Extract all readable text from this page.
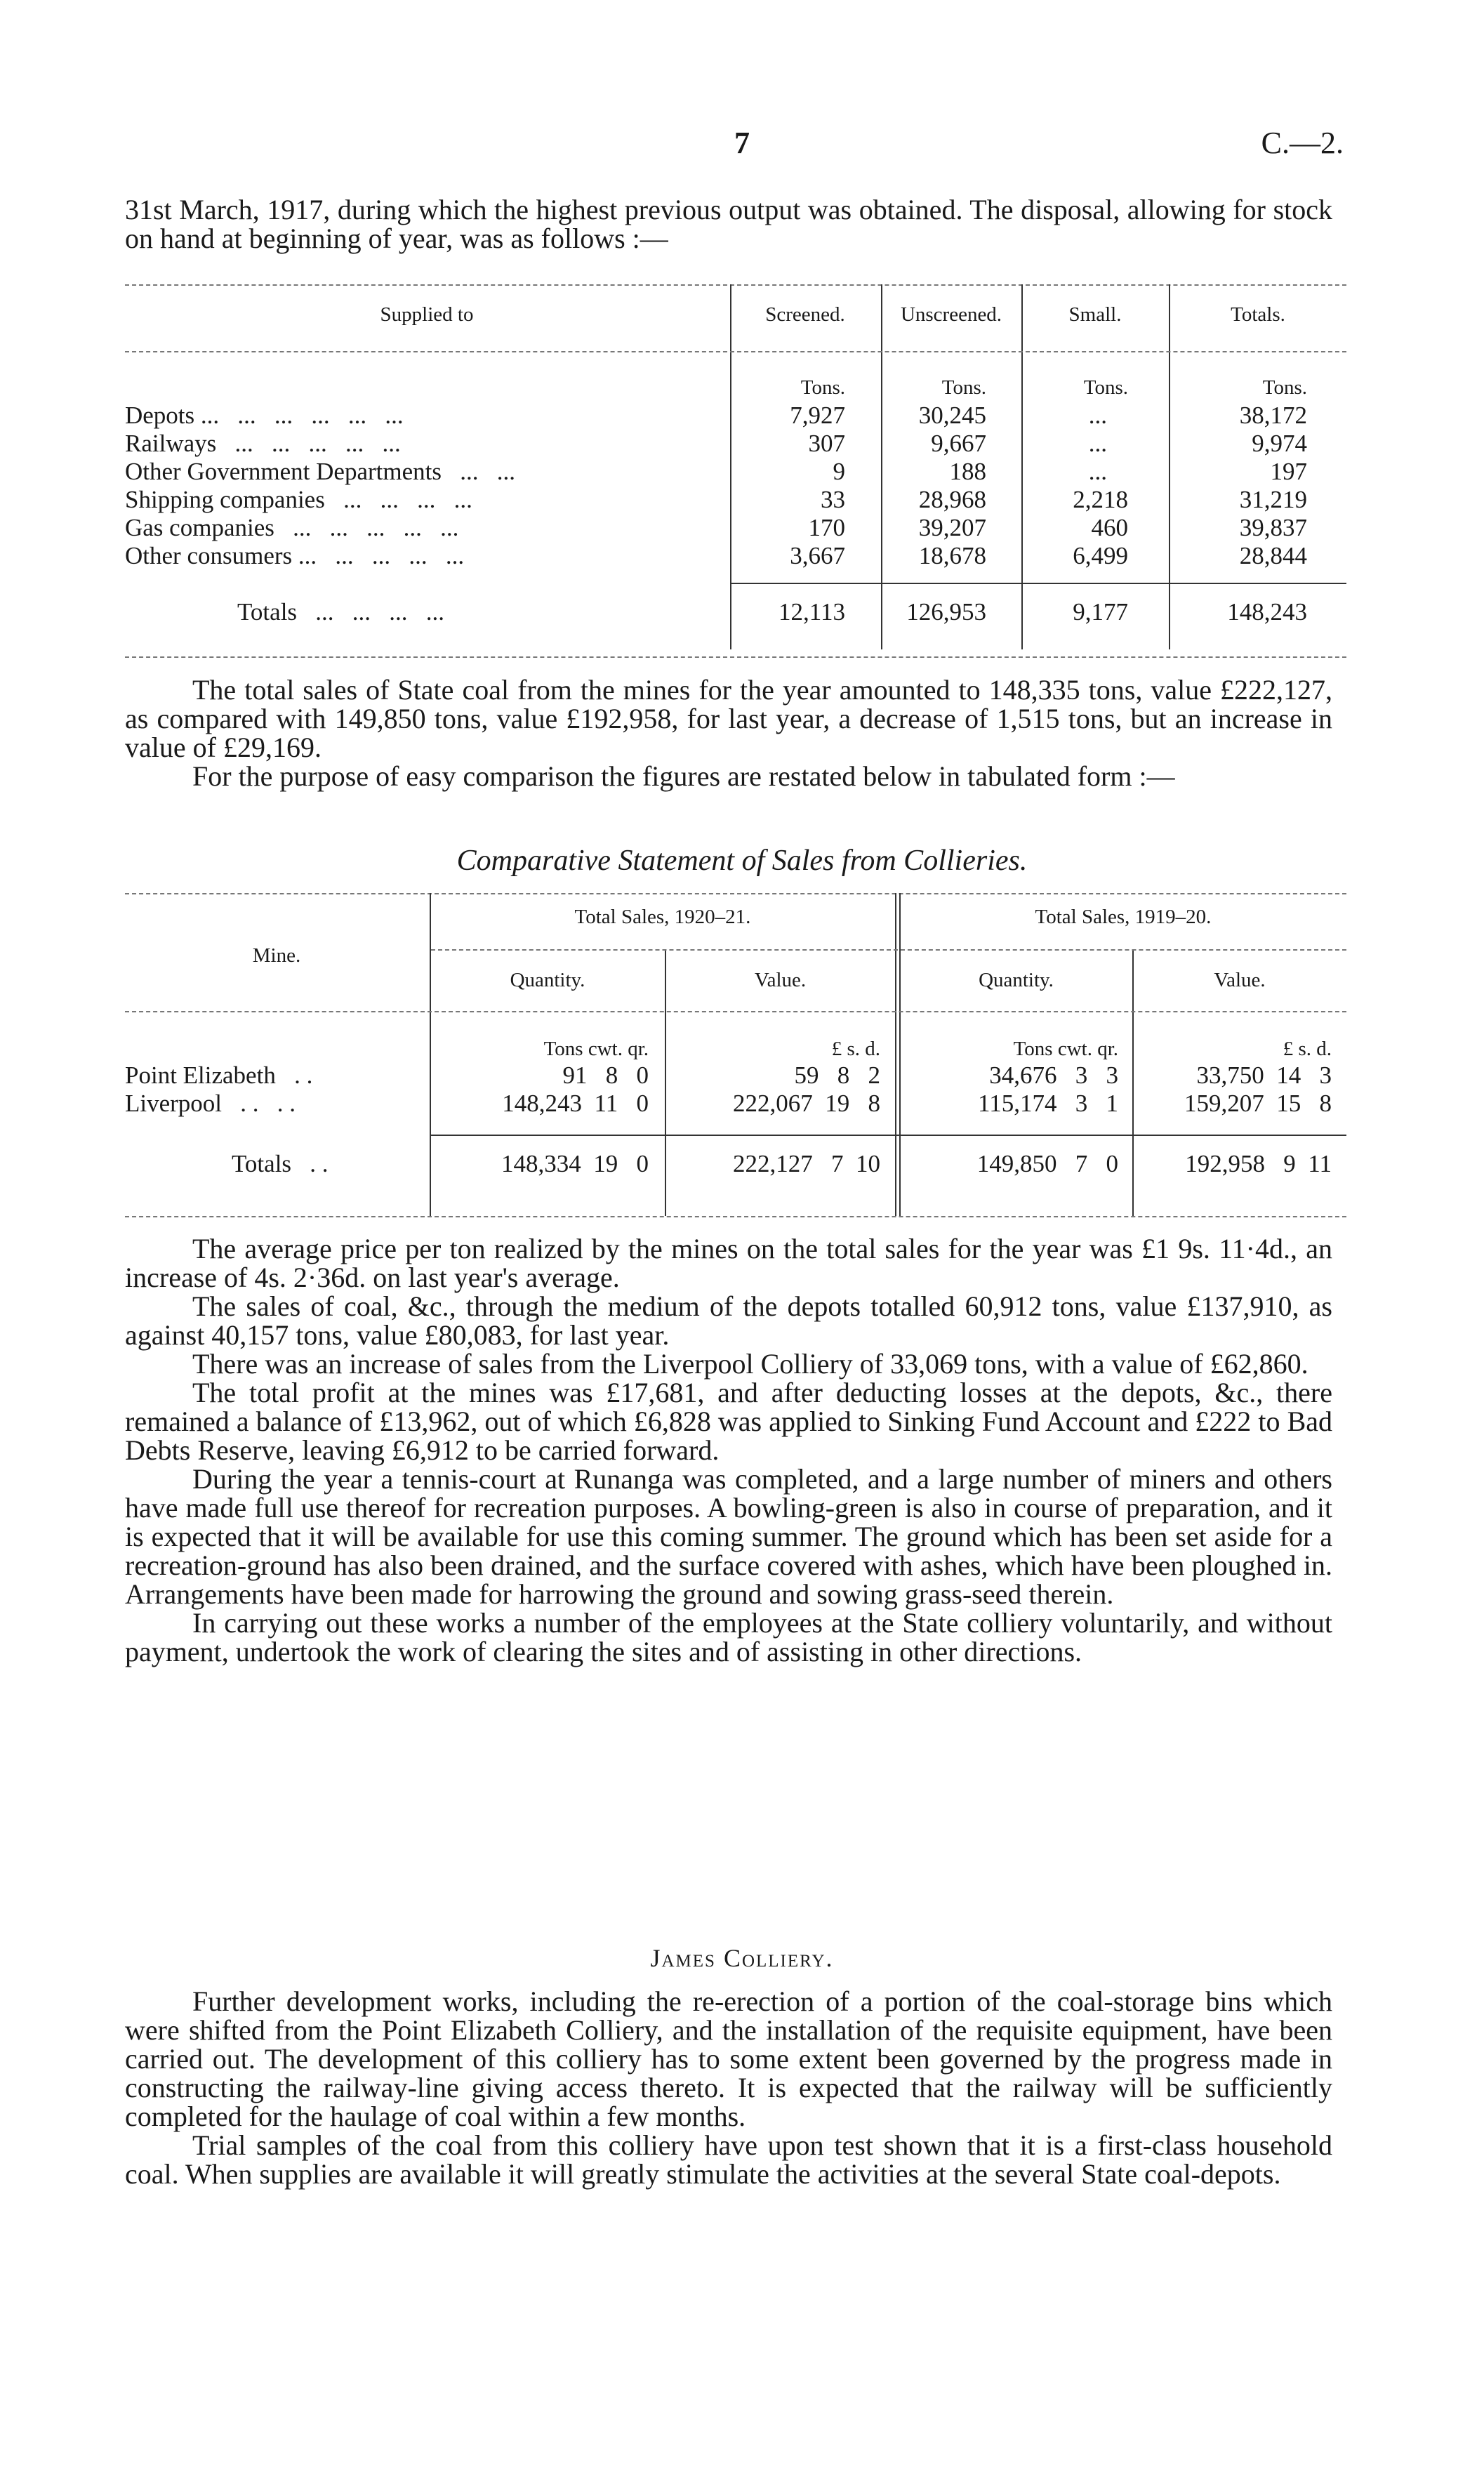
7	C.—2.

31st March, 1917, during which the highest previous output was obtained. The disposal, allowing for stock on hand at beginning of year, was as follows :—

Supplied to	Screened.	Unscreened.	Small.	Totals.
Tons.	Tons.	Tons.	Tons.
Depots ...   ...   ...   ...   ...   ...	7,927	30,245	...	38,172
Railways   ...   ...   ...   ...   ...	307	9,667	...	9,974
Other Government Departments   ...   ...	9	188	...	197
Shipping companies   ...   ...   ...   ...	33	28,968	2,218	31,219
Gas companies   ...   ...   ...   ...   ...	170	39,207	460	39,837
Other consumers ...   ...   ...   ...   ...	3,667	18,678	6,499	28,844
Totals   ...   ...   ...   ...	12,113	126,953	9,177	148,243

The total sales of State coal from the mines for the year amounted to 148,335 tons, value £222,127, as compared with 149,850 tons, value £192,958, for last year, a decrease of 1,515 tons, but an increase in value of £29,169.

For the purpose of easy comparison the figures are restated below in tabulated form :—

Comparative Statement of Sales from Collieries.
Mine.
Total Sales, 1920–21.	Total Sales, 1919–20.
Quantity.	Value.	Quantity.	Value.
Tons cwt. qr.	£ s. d.	Tons cwt. qr.	£ s. d.
Point Elizabeth   . .	91   8   0	59   8   2	34,676   3   3	33,750  14   3
Liverpool   . .   . .	148,243  11   0	222,067  19   8	115,174   3   1	159,207  15   8
Totals   . .	148,334  19   0	222,127   7  10	149,850   7   0	192,958   9  11

The average price per ton realized by the mines on the total sales for the year was £1 9s. 11·4d., an increase of 4s. 2·36d. on last year's average.

The sales of coal, &c., through the medium of the depots totalled 60,912 tons, value £137,910, as against 40,157 tons, value £80,083, for last year.

There was an increase of sales from the Liverpool Colliery of 33,069 tons, with a value of £62,860.

The total profit at the mines was £17,681, and after deducting losses at the depots, &c., there remained a balance of £13,962, out of which £6,828 was applied to Sinking Fund Account and £222 to Bad Debts Reserve, leaving £6,912 to be carried forward.

During the year a tennis-court at Runanga was completed, and a large number of miners and others have made full use thereof for recreation purposes. A bowling-green is also in course of preparation, and it is expected that it will be available for use this coming summer. The ground which has been set aside for a recreation-ground has also been drained, and the surface covered with ashes, which have been ploughed in. Arrangements have been made for harrowing the ground and sowing grass-seed therein.

In carrying out these works a number of the employees at the State colliery voluntarily, and without payment, undertook the work of clearing the sites and of assisting in other directions.

James Colliery.

Further development works, including the re-erection of a portion of the coal-storage bins which were shifted from the Point Elizabeth Colliery, and the installation of the requisite equipment, have been carried out. The development of this colliery has to some extent been governed by the progress made in constructing the railway-line giving access thereto. It is expected that the railway will be sufficiently completed for the haulage of coal within a few months.

Trial samples of the coal from this colliery have upon test shown that it is a first-class household coal. When supplies are available it will greatly stimulate the activities at the several State coal-depots.
